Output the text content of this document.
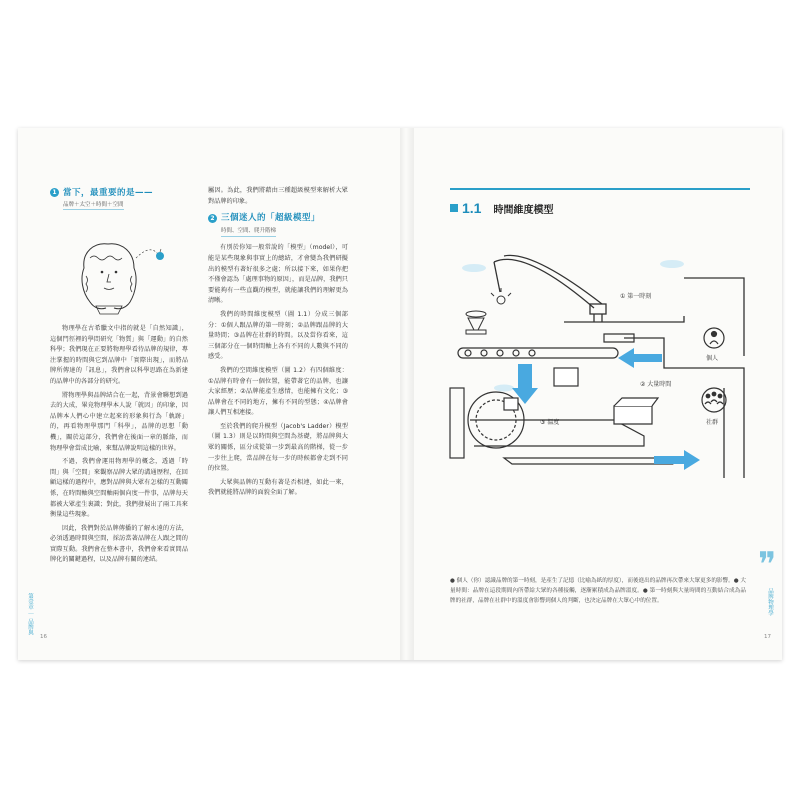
1 當下，最重要的是——
品牌＋太空＋時間＋空間

物理學在古希臘文中指的就是「自然知識」，這個門徑裡的學問研究「物質」與「運動」的自然科學；我們現在正要將物理學看待品牌的規律，專注掌握的時間與它到品牌中「實際出現」，而將品牌所傳達的「訊息」，我們會以科學思路在為新建的品牌中的各部分的研究。

將物理學與品牌結合在一起，背景會聯想到過去的大成，畢竟物理學本人說「就因」的印象，因品牌本人們心中建立起來的形象與行為「軌跡」的，再看物理學那門「科學」，品牌的思想「動機」，關於這部分，我們會在後面一章的脈絡，而物理學會當成比喻，來幫品牌說明這樣的世界。

不過，我們會運用物理學的概念，透過「時間」與「空間」來觀察品牌大眾的溝通歷程，在回顧這樣的過程中，應對品牌與大眾有怎樣的互動關係，在時間軸與空間軸兩個向度一件事，品牌每天都被大眾產生裏識；對此，我們發展出了兩工具來衡量這些現象。

因此，我們對於品牌傳播的了解永遠的方法，必須透過時間與空間，採訪當著品牌在人跟之間的實際互動。我們會在整本書中，我們會來看實間品牌化的關鍵過程，以及品牌有關的連結。

屬因。為此，我們將藉由三種超級模型來解析大眾對品牌的印象。

2 三個迷人的「超級模型」
時間、空間、爬升階梯

有別於你知一般常說的「模型」（model），可能是某些現象與事實上的總結，才會變為我們研擬出的模型有著好很多之處；所以接下來，如果你把不僅會認為「處理事物的原因」，而是品牌，我們只要能夠有一些直觀的模型，就能讓我們的理解更為清晰。

我們的時間維度模型（圖 1.1）分成三個部分：①個人跟品牌的第一時刻；②品牌跟品牌的大量時間；③品牌在社群的時間。以及當你看來，這三個部分在一個時間軸上各有不同的人數與不同的感受。

我們的空間維度模型（圖 1.2）有四個維度：①品牌有時會有一個位置，能帶著它的品牌，也讓大家經歷；②品牌能產生感情，也能擁有文化；③品牌會在不同的地方，擁有不同的型態；④品牌會讓人們互相連接。

至於我們的爬升模型（Jacob's Ladder）模型（圖 1.3）則是以時間與空間為基礎，將品牌與大眾的關係，區分成從第一步到最高的階梯，從一步一步往上爬，當品牌在每一步的時候都會走到不同的位置。

大眾與品牌的互動有著是否相連，如此一來，我們就能將品牌的面貌全面了解。

第壹章 ｜ 品牌與
16
1.1 時間維度模型
① 第一時刻
② 大量時間
③ 溫度
個人
社群
● 個人（你）認識品牌的第一時刻，是產生了記憶（比喻為紙的厚度），而後進出的品牌再次帶來大眾更多的影響。● 大量時間：品牌在這段期間內所帶給大眾的各種接觸，逐漸累積成為品牌溫度。● 第一時刻與大量時間的互動結合成為品牌的社群，品牌在社群中的溫度會影響到個人的判斷，也決定品牌在大眾心中的位置。
❞
品牌物理學
17
